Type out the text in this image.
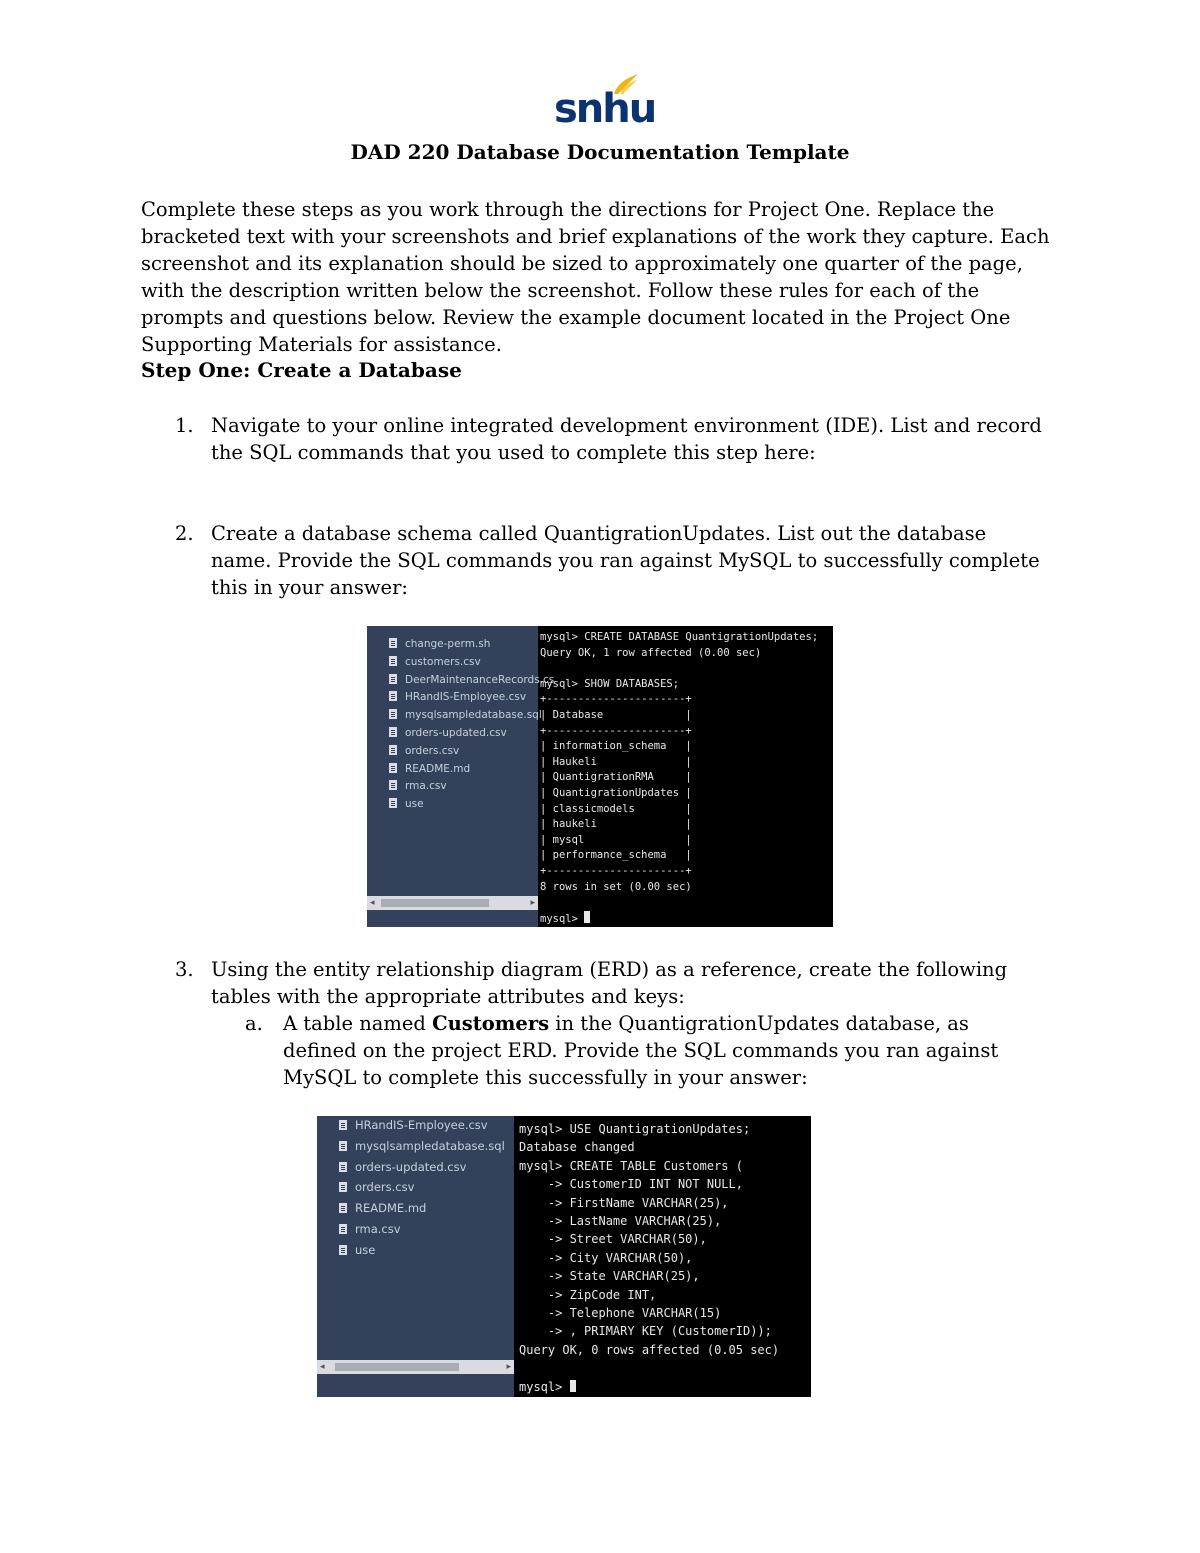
snhu
DAD 220 Database Documentation Template
Complete these steps as you work through the directions for Project One. Replace the bracketed text with your screenshots and brief explanations of the work they capture. Each screenshot and its explanation should be sized to approximately one quarter of the page, with the description written below the screenshot. Follow these rules for each of the prompts and questions below. Review the example document located in the Project One Supporting Materials for assistance.
Step One: Create a Database
1. Navigate to your online integrated development environment (IDE). List and record the SQL commands that you used to complete this step here:
2. Create a database schema called QuantigrationUpdates. List out the database name. Provide the SQL commands you ran against MySQL to successfully complete this in your answer:
change-perm.sh
customers.csv
DeerMaintenanceRecords.cs
HRandIS-Employee.csv
mysqlsampledatabase.sql
orders-updated.csv
orders.csv
README.md
rma.csv
use
◂	▸
mysql> CREATE DATABASE QuantigrationUpdates;
Query OK, 1 row affected (0.00 sec)

mysql> SHOW DATABASES;
+----------------------+
| Database             |
+----------------------+
| information_schema   |
| Haukeli              |
| QuantigrationRMA     |
| QuantigrationUpdates |
| classicmodels        |
| haukeli              |
| mysql                |
| performance_schema   |
+----------------------+
8 rows in set (0.00 sec)

mysql>
3. Using the entity relationship diagram (ERD) as a reference, create the following tables with the appropriate attributes and keys:
a. A table named Customers in the QuantigrationUpdates database, as defined on the project ERD. Provide the SQL commands you ran against MySQL to complete this successfully in your answer:
HRandIS-Employee.csv
mysqlsampledatabase.sql
orders-updated.csv
orders.csv
README.md
rma.csv
use
◂	▸
mysql> USE QuantigrationUpdates;
Database changed
mysql> CREATE TABLE Customers (
-> CustomerID INT NOT NULL,
-> FirstName VARCHAR(25),
-> LastName VARCHAR(25),
-> Street VARCHAR(50),
-> City VARCHAR(50),
-> State VARCHAR(25),
-> ZipCode INT,
-> Telephone VARCHAR(15)
-> , PRIMARY KEY (CustomerID));
Query OK, 0 rows affected (0.05 sec)

mysql>
